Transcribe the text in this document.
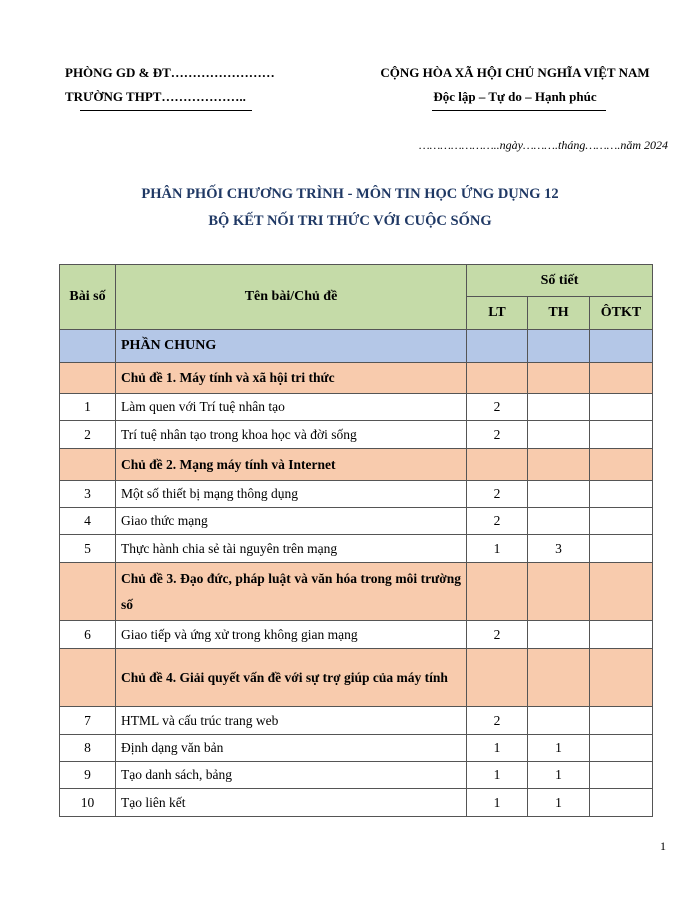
PHÒNG GD & ĐT……………………
TRƯỜNG THPT………………..
CỘNG HÒA XÃ HỘI CHỦ NGHĨA VIỆT NAM
Độc lập – Tự do – Hạnh phúc
…………………..ngày……….tháng……….năm 2024
PHÂN PHỐI CHƯƠNG TRÌNH - MÔN TIN HỌC ỨNG DỤNG 12
BỘ KẾT NỐI TRI THỨC VỚI CUỘC SỐNG
Bài số	Tên bài/Chủ đề	Số tiết		
		LT	TH	ÔTKT
	PHẦN CHUNG			
	Chủ đề 1. Máy tính và xã hội tri thức			
1	Làm quen với Trí tuệ nhân tạo	2		
2	Trí tuệ nhân tạo trong khoa học và đời sống	2		
	Chủ đề 2. Mạng máy tính và Internet			
3	Một số thiết bị mạng thông dụng	2		
4	Giao thức mạng	2		
5	Thực hành chia sẻ tài nguyên trên mạng	1	3	
	Chủ đề 3. Đạo đức, pháp luật và văn hóa trong môi trường số			
6	Giao tiếp và ứng xử trong không gian mạng	2		
	Chủ đề 4. Giải quyết vấn đề với sự trợ giúp của máy tính			
7	HTML và cấu trúc trang web	2		
8	Định dạng văn bản	1	1	
9	Tạo danh sách, bảng	1	1	
10	Tạo liên kết	1	1	
1
